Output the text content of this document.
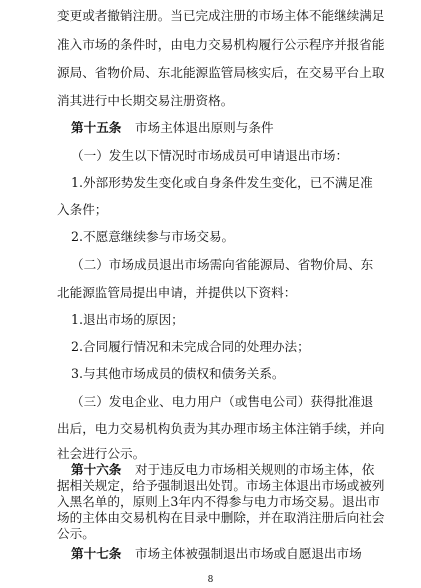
变更或者撤销注册。当已完成注册的市场主体不能继续满足
准入市场的条件时，由电力交易机构履行公示程序并报省能
源局、省物价局、东北能源监管局核实后，在交易平台上取
消其进行中长期交易注册资格。
第十五条 市场主体退出原则与条件
（一）发生以下情况时市场成员可申请退出市场：
1.外部形势发生变化或自身条件发生变化，已不满足准
入条件；
2.不愿意继续参与市场交易。
（二）市场成员退出市场需向省能源局、省物价局、东
北能源监管局提出申请，并提供以下资料：
1.退出市场的原因；
2.合同履行情况和未完成合同的处理办法；
3.与其他市场成员的债权和债务关系。
（三）发电企业、电力用户（或售电公司）获得批准退
出后，电力交易机构负责为其办理市场主体注销手续，并向
社会进行公示。
8
第十六条 对于违反电力市场相关规则的市场主体，依
据相关规定，给予强制退出处罚。市场主体退出市场或被列
入黑名单的，原则上3年内不得参与电力市场交易。退出市
场的主体由交易机构在目录中删除，并在取消注册后向社会
公示。
第十七条 市场主体被强制退出市场或自愿退出市场
